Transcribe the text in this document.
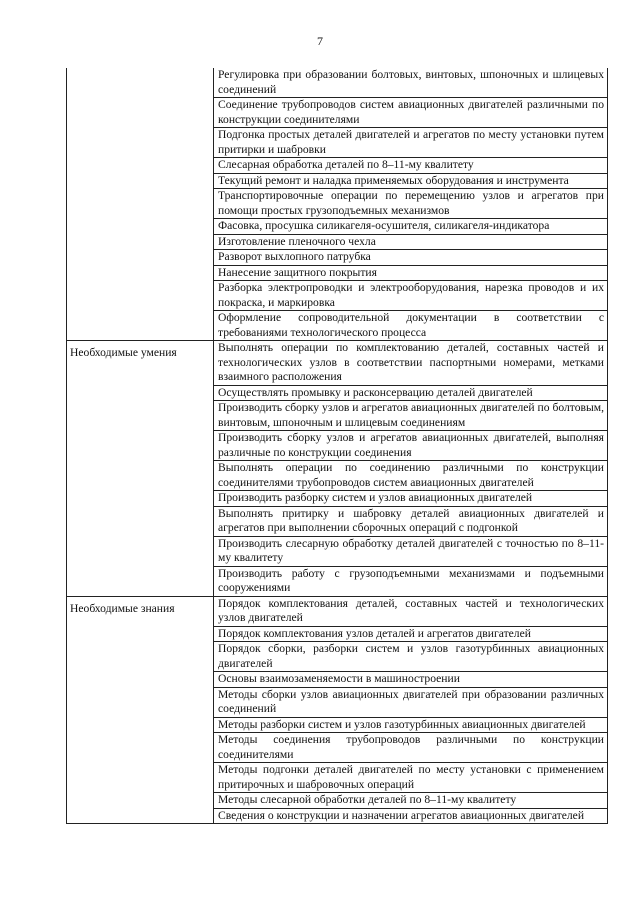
7
Регулировка при образовании болтовых, винтовых, шпоночных и шлицевых соединений
Соединение трубопроводов систем авиационных двигателей различными по конструкции соединителями
Подгонка простых деталей двигателей и агрегатов по месту установки путем притирки и шабровки
Слесарная обработка деталей по 8–11-му квалитету
Текущий ремонт и наладка применяемых оборудования и инструмента
Транспортировочные операции по перемещению узлов и агрегатов при помощи простых грузоподъемных механизмов
Фасовка, просушка силикагеля-осушителя, силикагеля-индикатора
Изготовление пленочного чехла
Разворот выхлопного патрубка
Нанесение защитного покрытия
Разборка электропроводки и электрооборудования, нарезка проводов и их покраска, и маркировка
Оформление сопроводительной документации в соответствии с требованиями технологического процесса
Необходимые умения	Выполнять операции по комплектованию деталей, составных частей и технологических узлов в соответствии паспортными номерами, метками взаимного расположения
Осуществлять промывку и расконсервацию деталей двигателей
Производить сборку узлов и агрегатов авиационных двигателей по болтовым, винтовым, шпоночным и шлицевым соединениям
Производить сборку узлов и агрегатов авиационных двигателей, выполняя различные по конструкции соединения
Выполнять операции по соединению различными по конструкции соединителями трубопроводов систем авиационных двигателей
Производить разборку систем и узлов авиационных двигателей
Выполнять притирку и шабровку деталей авиационных двигателей и агрегатов при выполнении сборочных операций с подгонкой
Производить слесарную обработку деталей двигателей с точностью по 8–11-му квалитету
Производить работу с грузоподъемными механизмами и подъемными сооружениями
Необходимые знания	Порядок комплектования деталей, составных частей и технологических узлов двигателей
Порядок комплектования узлов деталей и агрегатов двигателей
Порядок сборки, разборки систем и узлов газотурбинных авиационных двигателей
Основы взаимозаменяемости в машиностроении
Методы сборки узлов авиационных двигателей при образовании различных соединений
Методы разборки систем и узлов газотурбинных авиационных двигателей
Методы соединения трубопроводов различными по конструкции соединителями
Методы подгонки деталей двигателей по месту установки с применением притирочных и шабровочных операций
Методы слесарной обработки деталей по 8–11-му квалитету
Сведения о конструкции и назначении агрегатов авиационных двигателей
